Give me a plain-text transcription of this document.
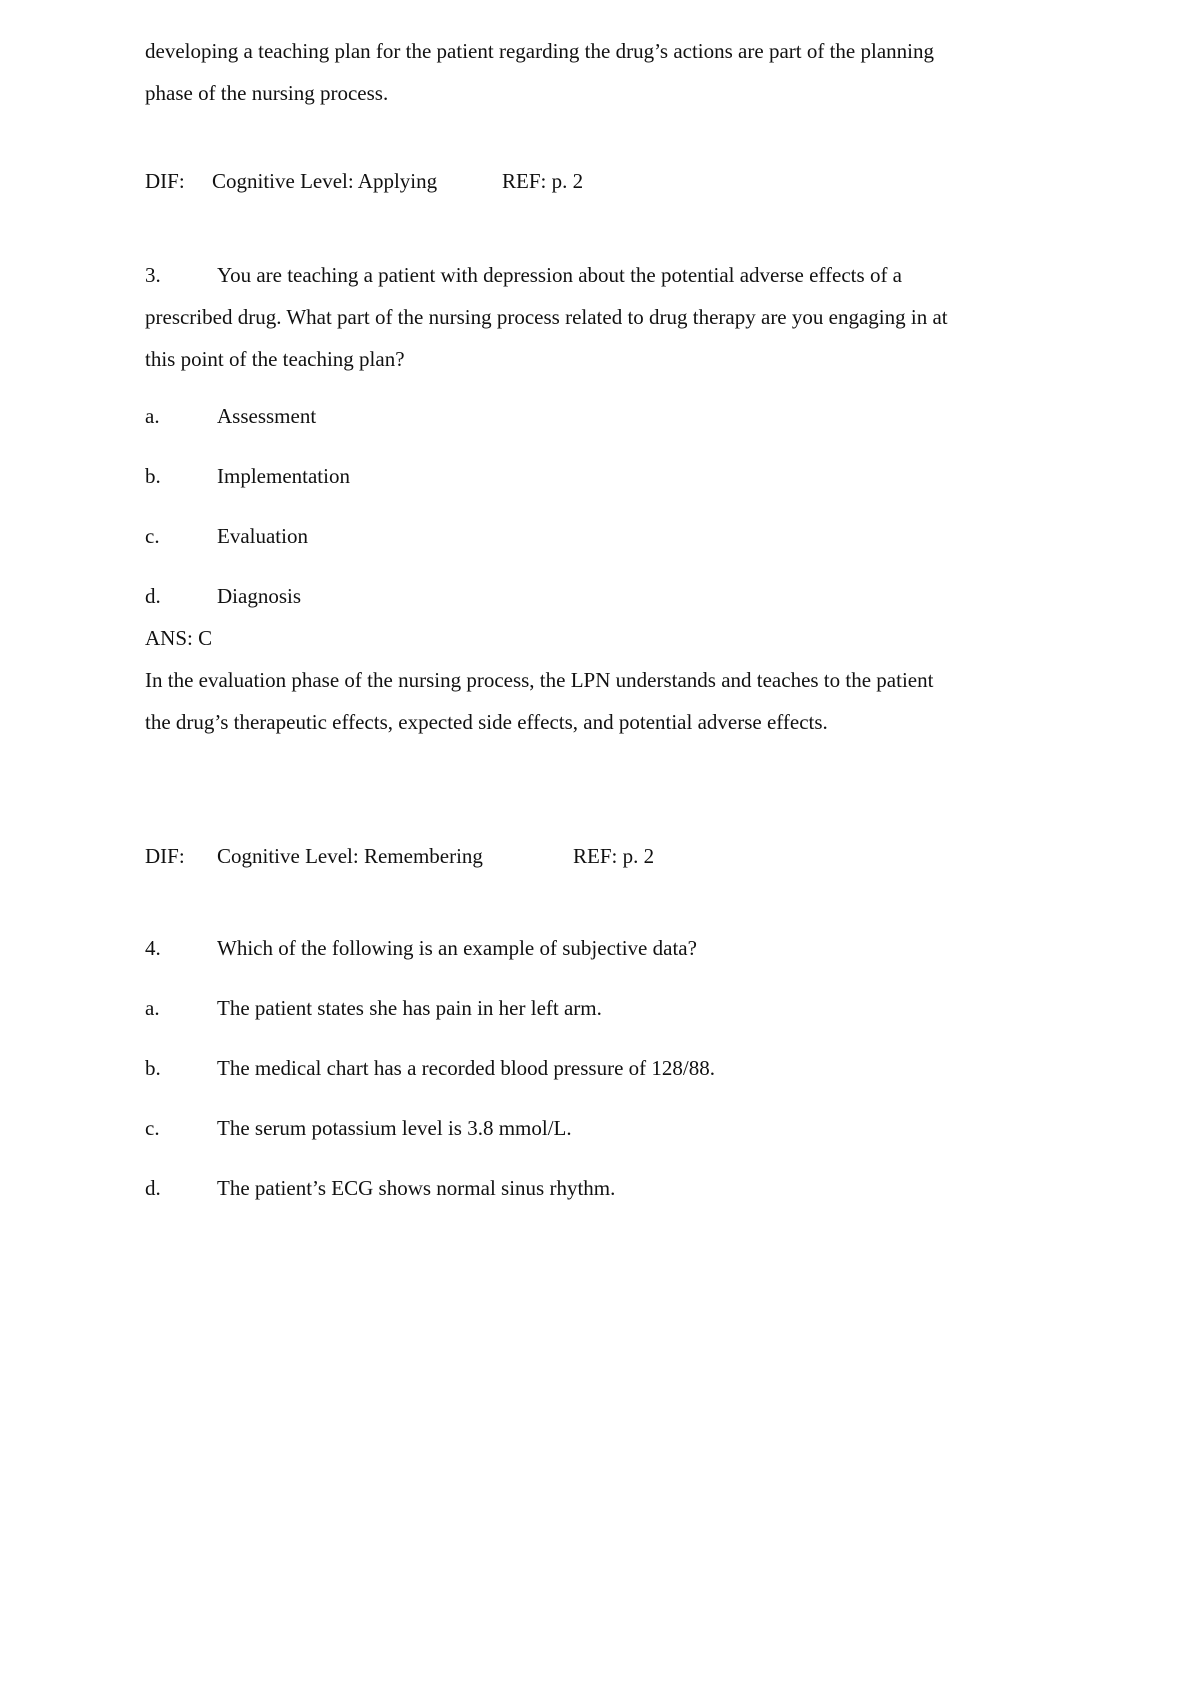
developing a teaching plan for the patient regarding the drug’s actions are part of the planning
phase of the nursing process.
DIF: Cognitive Level: Applying	REF: p. 2
3.	You are teaching a patient with depression about the potential adverse effects of a
prescribed drug. What part of the nursing process related to drug therapy are you engaging in at
this point of the teaching plan?
a.	Assessment
b.	Implementation
c.	Evaluation
d.	Diagnosis
ANS: C
In the evaluation phase of the nursing process, the LPN understands and teaches to the patient
the drug’s therapeutic effects, expected side effects, and potential adverse effects.
DIF: Cognitive Level: Remembering	REF: p. 2
4.	Which of the following is an example of subjective data?
a.	The patient states she has pain in her left arm.
b.	The medical chart has a recorded blood pressure of 128/88.
c.	The serum potassium level is 3.8 mmol/L.
d.	The patient’s ECG shows normal sinus rhythm.
